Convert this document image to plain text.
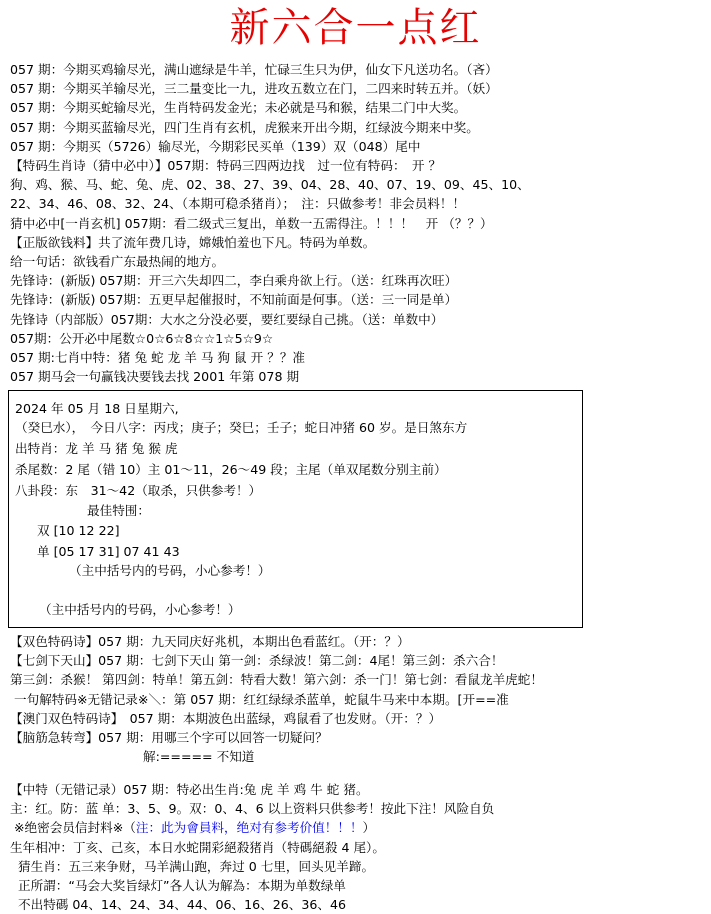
新六合一点红
057 期：今期买鸡输尽光，满山遮绿是牛羊，忙碌三生只为伊，仙女下凡送功名。（吝）
057 期：今期买羊输尽光，三二量变比一九，进攻五数立在门，二四来时转五并。（妖）
057 期：今期买蛇输尽光，生肖特码发金光；未必就是马和猴，结果二门中大奖。
057 期：今期买蓝输尽光，四门生肖有玄机，虎猴来开出今期，红绿波今期来中奖。
057 期：今期买（5726）输尽光，今期彩民买单（139）双（048）尾中
【特码生肖诗（猜中必中）】057期：特码三四两边找　过一位有特码：　开 ？
狗、鸡、猴、马、蛇、兔、虎、02、38、27、39、04、28、40、07、19、09、45、10、
22、34、46、08、32、24、（本期可稳杀猪肖）；　注：只做参考！非会员料！！
猜中必中[一肖玄机] 057期：看二级式三复出，单数一五需得注。！！！　开 （？？）
【正版欲钱料】共了流年费几诗，嫦娥怕羞也下凡。特码为单数。
给一句话：欲钱看广东最热闹的地方。
先锋诗：(新版) 057期：开三六失却四二，李白乘舟欲上行。（送：红珠再次旺）
先锋诗：(新版) 057期：五更早起催报时，不知前面是何事。（送：三一同是单）
先锋诗（内部版）057期：大水之分没必要，要红要绿自己挑。（送：单数中）
057期：公开必中尾数☆0☆6☆8☆☆1☆5☆9☆
057 期:七肖中特：猪 兔 蛇 龙 羊 马 狗 鼠 开 ？？准
057 期马会一句赢钱决要钱去找 2001 年第 078 期
2024 年 05 月 18 日星期六,
（癸巳水），　今日八字：丙戌；庚子；癸巳；壬子；蛇日冲猪 60 岁。是日煞东方
出特肖：龙 羊 马 猪 兔 猴 虎
杀尾数：2 尾（错 10）主 01～11，26～49 段；主尾（单双尾数分别主前）
八卦段：东　31～42（取杀，只供参考！）
最佳特围：
双 [10 12 22]
单 [05 17 31] 07 41 43
（主中括号内的号码，小心参考！）
（主中括号内的号码，小心参考！）
【双色特码诗】057 期：九天同庆好兆机，本期出色看蓝红。（开：？）
【七剑下天山】057 期：七剑下天山 第一剑：杀绿波！第二剑：4尾！第三剑：杀六合！
第三剑：杀猴！ 第四剑：特单！第五剑：特看大数！第六剑：杀一门！第七剑：看鼠龙羊虎蛇！
一句解特码※无错记录※＼：第 057 期：红红绿绿杀蓝单，蛇鼠牛马来中本期。[开==准
【澳门双色特码诗】　057 期：本期波色出蓝绿，鸡鼠看了也发财。（开：？）
【脑筋急转弯】057 期：用哪三个字可以回答一切疑问？
解:===== 不知道
【中特（无错记录）057 期：特必出生肖:兔 虎 羊 鸡 牛 蛇 猪。
主：红。防：蓝 单：3、5、9。双：0、4、6 以上资料只供参考！按此下注！风险自负
※绝密会员信封料※（注：此为會員料，绝对有参考价值！！！）
生年相冲：丁亥、己亥，本日水蛇開彩絕殺猪肖（特碼絕殺 4 尾）。
猜生肖：五三来争财，马羊满山跑，奔过 0 七里，回头见羊蹄。
正所謂：“马会大奖旨绿灯”各人认为解為：本期为单数绿单
不出特碼 04、14、24、34、44、06、16、26、36、46
